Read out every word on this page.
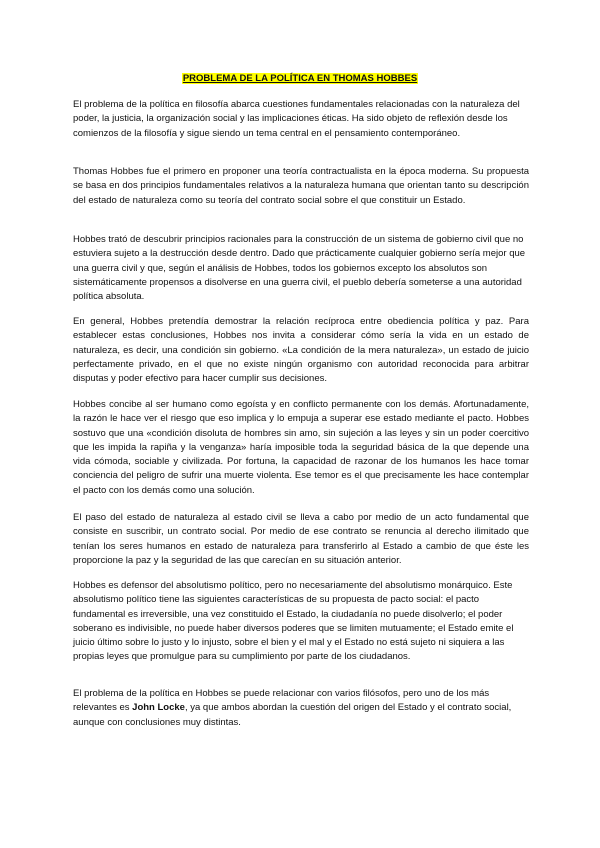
PROBLEMA DE LA POLÍTICA EN THOMAS HOBBES

El problema de la política en filosofía abarca cuestiones fundamentales relacionadas con la naturaleza del poder, la justicia, la organización social y las implicaciones éticas. Ha sido objeto de reflexión desde los comienzos de la filosofía y sigue siendo un tema central en el pensamiento contemporáneo.

Thomas Hobbes fue el primero en proponer una teoría contractualista en la época moderna. Su propuesta se basa en dos principios fundamentales relativos a la naturaleza humana que orientan tanto su descripción del estado de naturaleza como su teoría del contrato social sobre el que constituir un Estado.

Hobbes trató de descubrir principios racionales para la construcción de un sistema de gobierno civil que no estuviera sujeto a la destrucción desde dentro. Dado que prácticamente cualquier gobierno sería mejor que una guerra civil y que, según el análisis de Hobbes, todos los gobiernos excepto los absolutos son sistemáticamente propensos a disolverse en una guerra civil, el pueblo debería someterse a una autoridad política absoluta.

En general, Hobbes pretendía demostrar la relación recíproca entre obediencia política y paz. Para establecer estas conclusiones, Hobbes nos invita a considerar cómo sería la vida en un estado de naturaleza, es decir, una condición sin gobierno. «La condición de la mera naturaleza», un estado de juicio perfectamente privado, en el que no existe ningún organismo con autoridad reconocida para arbitrar disputas y poder efectivo para hacer cumplir sus decisiones.

Hobbes concibe al ser humano como egoísta y en conflicto permanente con los demás. Afortunadamente, la razón le hace ver el riesgo que eso implica y lo empuja a superar ese estado mediante el pacto. Hobbes sostuvo que una «condición disoluta de hombres sin amo, sin sujeción a las leyes y sin un poder coercitivo que les impida la rapiña y la venganza» haría imposible toda la seguridad básica de la que depende una vida cómoda, sociable y civilizada. Por fortuna, la capacidad de razonar de los humanos les hace tomar conciencia del peligro de sufrir una muerte violenta. Ese temor es el que precisamente les hace contemplar el pacto con los demás como una solución.

El paso del estado de naturaleza al estado civil se lleva a cabo por medio de un acto fundamental que consiste en suscribir, un contrato social. Por medio de ese contrato se renuncia al derecho ilimitado que tenían los seres humanos en estado de naturaleza para transferirlo al Estado a cambio de que éste les proporcione la paz y la seguridad de las que carecían en su situación anterior.

Hobbes es defensor del absolutismo político, pero no necesariamente del absolutismo monárquico. Este absolutismo político tiene las siguientes características de su propuesta de pacto social: el pacto fundamental es irreversible, una vez constituido el Estado, la ciudadanía no puede disolverlo; el poder soberano es indivisible, no puede haber diversos poderes que se limiten mutuamente; el Estado emite el juicio último sobre lo justo y lo injusto, sobre el bien y el mal y el Estado no está sujeto ni siquiera a las propias leyes que promulgue para su cumplimiento por parte de los ciudadanos.

El problema de la política en Hobbes se puede relacionar con varios filósofos, pero uno de los más relevantes es John Locke, ya que ambos abordan la cuestión del origen del Estado y el contrato social, aunque con conclusiones muy distintas.
